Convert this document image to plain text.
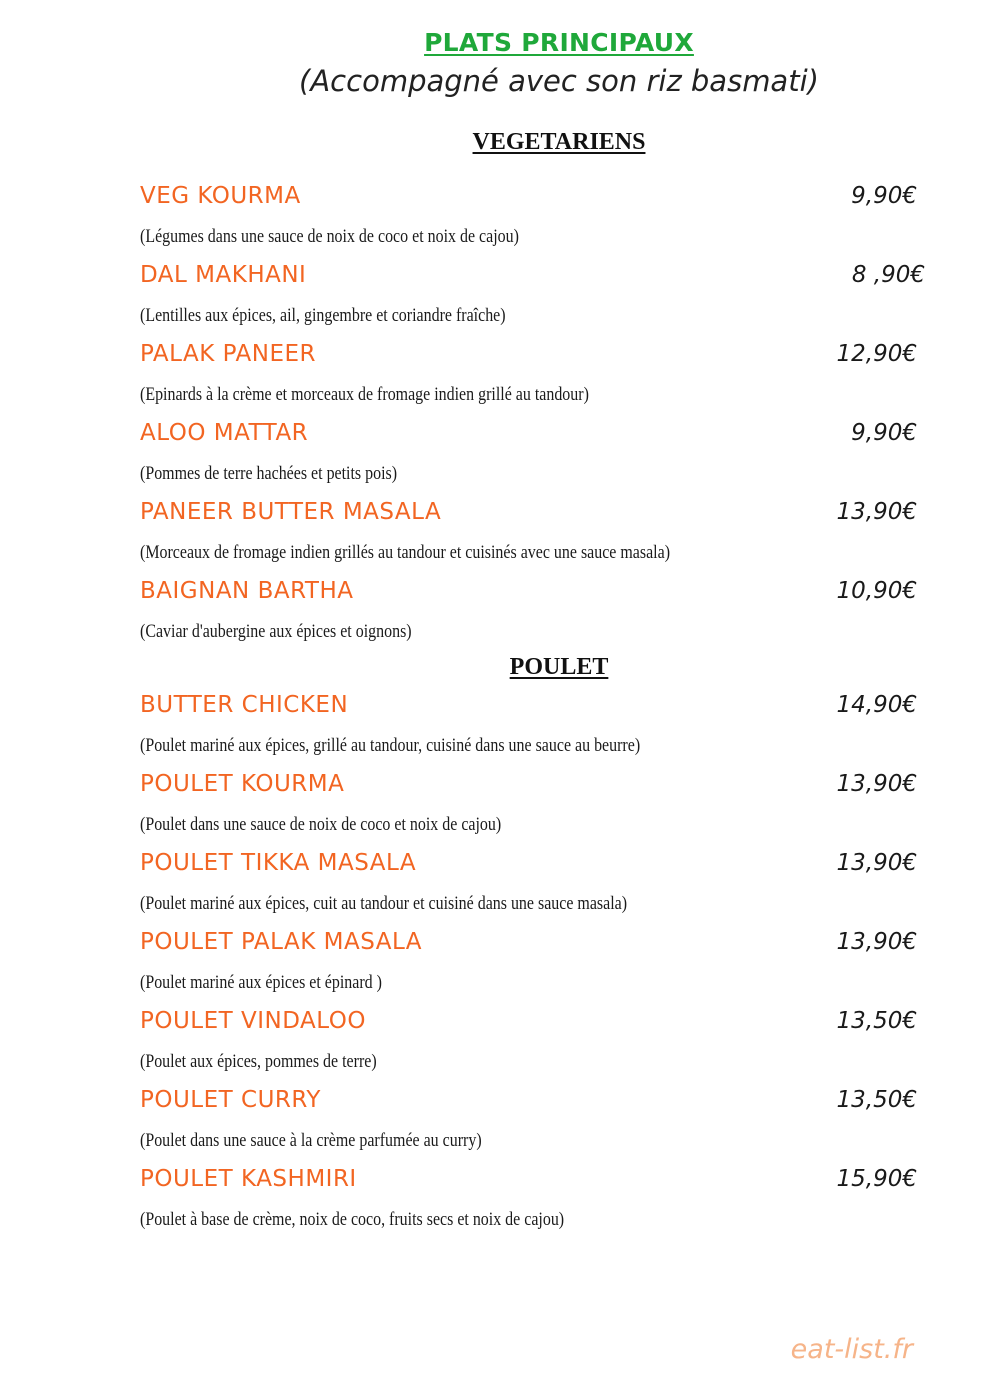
PLATS PRINCIPAUX
(Accompagné avec son riz basmati)
VEGETARIENS
VEG KOURMA	9,90€
(Légumes dans une sauce de noix de coco et noix de cajou)
DAL MAKHANI	8 ,90€
(Lentilles aux épices, ail, gingembre et coriandre fraîche)
PALAK PANEER	12,90€
(Epinards à la crème et morceaux de fromage indien grillé au tandour)
ALOO MATTAR	9,90€
(Pommes de terre hachées et petits pois)
PANEER BUTTER MASALA	13,90€
(Morceaux de fromage indien grillés au tandour et cuisinés avec une sauce masala)
BAIGNAN BARTHA	10,90€
(Caviar d'aubergine aux épices et oignons)
POULET
BUTTER CHICKEN	14,90€
(Poulet mariné aux épices, grillé au tandour, cuisiné dans une sauce au beurre)
POULET KOURMA	13,90€
(Poulet dans une sauce de noix de coco et noix de cajou)
POULET TIKKA MASALA	13,90€
(Poulet mariné aux épices, cuit au tandour et cuisiné dans une sauce masala)
POULET PALAK MASALA	13,90€
(Poulet mariné aux épices et épinard )
POULET VINDALOO	13,50€
(Poulet aux épices, pommes de terre)
POULET CURRY	13,50€
(Poulet dans une sauce à la crème parfumée au curry)
POULET KASHMIRI	15,90€
(Poulet à base de crème, noix de coco, fruits secs et noix de cajou)
eat-list.fr
